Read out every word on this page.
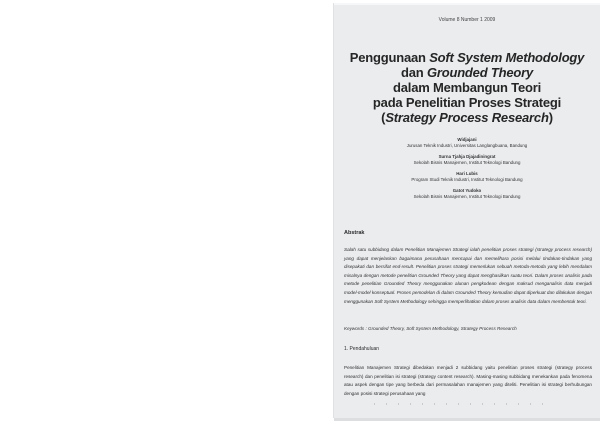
Volume 8 Number 1 2009
Penggunaan Soft System Methodology
dan Grounded Theory
dalam Membangun Teori
pada Penelitian Proses Strategi
(Strategy Process Research)
Widjajani
Jurusan Teknik Industri, Universitas Langlangbuana, Bandung
Surna Tjahja Djajadiningrat
Sekolah Bisnis Manajemen, Institut Teknologi Bandung
Hari Lubis
Program Studi Teknik Industri, Institut Teknologi Bandung
Gatot Yudoko
Sekolah Bisnis Manajemen, Institut Teknologi Bandung
Abstrak
Salah satu subbidang dalam Penelitian Manajemen Strategi ialah penelitian proses strategi (strategy process research) yang dapat menjelaskan bagaimana perusahaan mencapai dan memelihara posisi melalui tindakan-tindakan yang disepakati dan bersifat end-result. Penelitian proses strategi memerlukan sebuah metoda-metoda yang lebih mendalam misalnya dengan metode penelitian Grounded Theory yang dapat menghasilkan suatu teori. Dalam proses analisis pada metode penelitian Grounded Theory menggunakan alunan pengkodean dengan maksud menganalisis data menjadi model-model konseptual. Proses pemodelan di dalam Grounded Theory kemudian dapat diperkuat dan dilakukan dengan menggunakan Soft System Methodology sehingga memperlihatkan dalam proses analisis data dalam membentuk teori.
Keywords : Grounded Theory, Soft System Methodology, Strategy Process Research
1. Pendahuluan
Penelitian Manajemen Strategi dibedakan menjadi 2 subbidang yaitu penelitian proses strategi (strategy process research) dan penelitian isi strategi (strategy content research). Masing-masing subbidang menekankan pada fenomena atau aspek dengan tipe yang berbeda dari permasalahan manajemen yang diteliti. Penelitian isi strategi berhubungan dengan posisi strategi perusahaan yang
